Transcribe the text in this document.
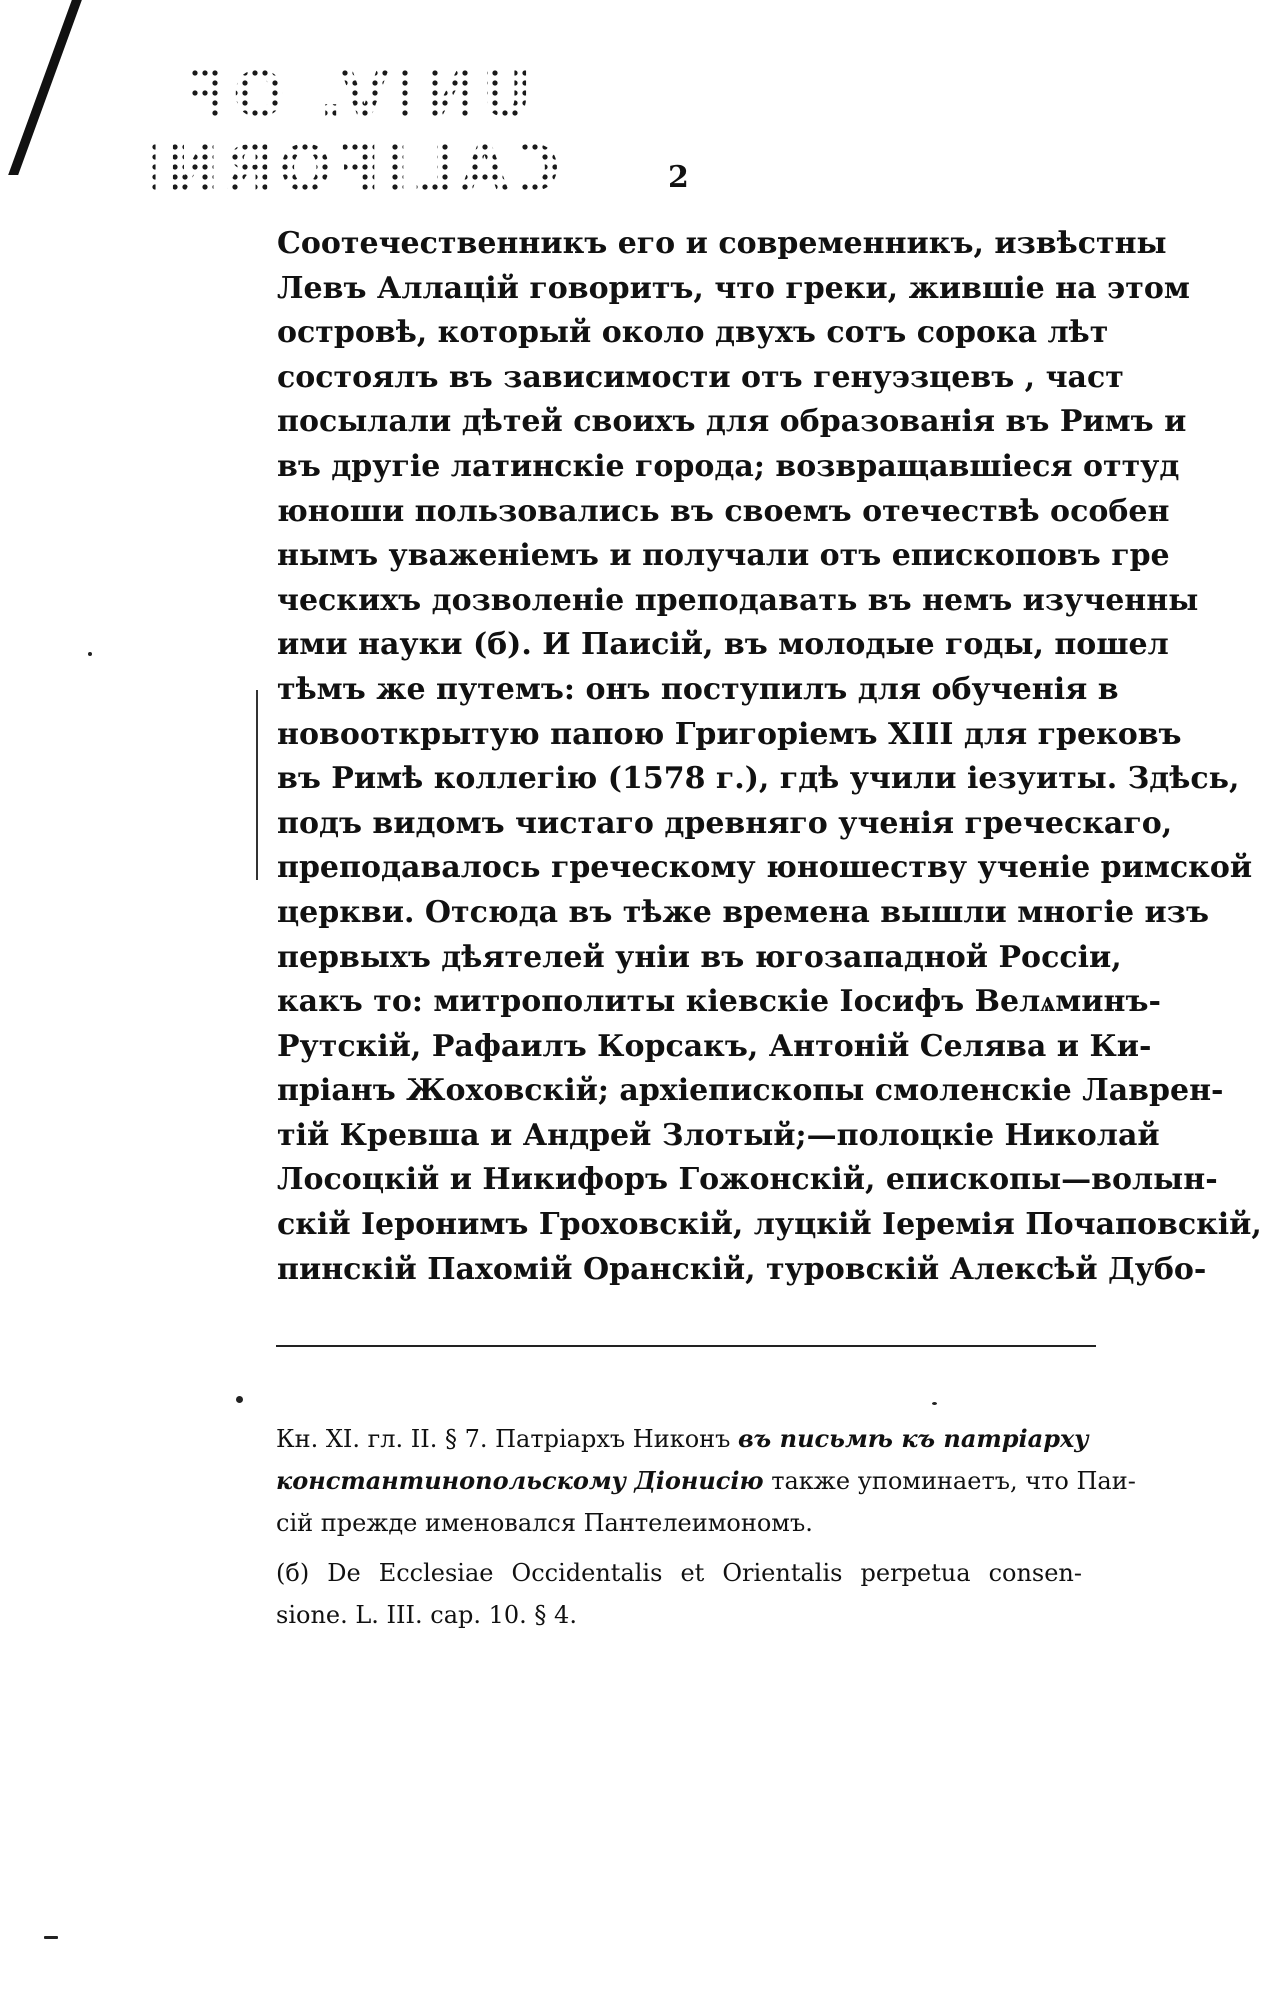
UNIV. OF
CALIFORNIA	2
Соотечественникъ его и современникъ, извѣстны
Левъ Аллацій говоритъ, что греки, жившіе на этом
островѣ, который около двухъ сотъ сорока лѣт
состоялъ въ зависимости отъ генуэзцевъ , част
посылали дѣтей своихъ для образованія въ Римъ и
въ другіе латинскіе города; возвращавшіеся оттуд
юноши пользовались въ своемъ отечествѣ особен
нымъ уваженіемъ и получали отъ епископовъ гре
ческихъ дозволеніе преподавать въ немъ изученны
ими науки (б). И Паисій, въ молодые годы, пошел
тѣмъ же путемъ: онъ поступилъ для обученія в
новооткрытую папою Григоріемъ XIII для грековъ
въ Римѣ коллегію (1578 г.), гдѣ учили іезуиты. Здѣсь,
подъ видомъ чистаго древняго ученія греческаго,
преподавалось греческому юношеству ученіе римской
церкви. Отсюда въ тѣже времена вышли многіе изъ
первыхъ дѣятелей уніи въ югозападной Россіи,
какъ то: митрополиты кіевскіе Іосифъ Велѧминъ-
Рутскій, Рафаилъ Корсакъ, Антоній Селява и Ки-
пріанъ Жоховскій; архіепископы смоленскіе Лаврен-
тій Кревша и Андрей Злотый;—полоцкіе Николай
Лосоцкій и Никифоръ Гожонскій, епископы—волын-
скій Іеронимъ Гроховскій, луцкій Іеремія Почаповскій,
пинскій Пахомій Оранскій, туровскій Алексѣй Дубо-
Кн. XI. гл. II. § 7. Патріархъ Никонъ въ письмѣ къ патріарху
константинопольскому Діонисію также упоминаетъ, что Паи-
сій прежде именовался Пантелеимономъ.
(б) De Ecclesiae Occidentalis et Orientalis perpetua consen-
sione. L. III. cap. 10. § 4.
